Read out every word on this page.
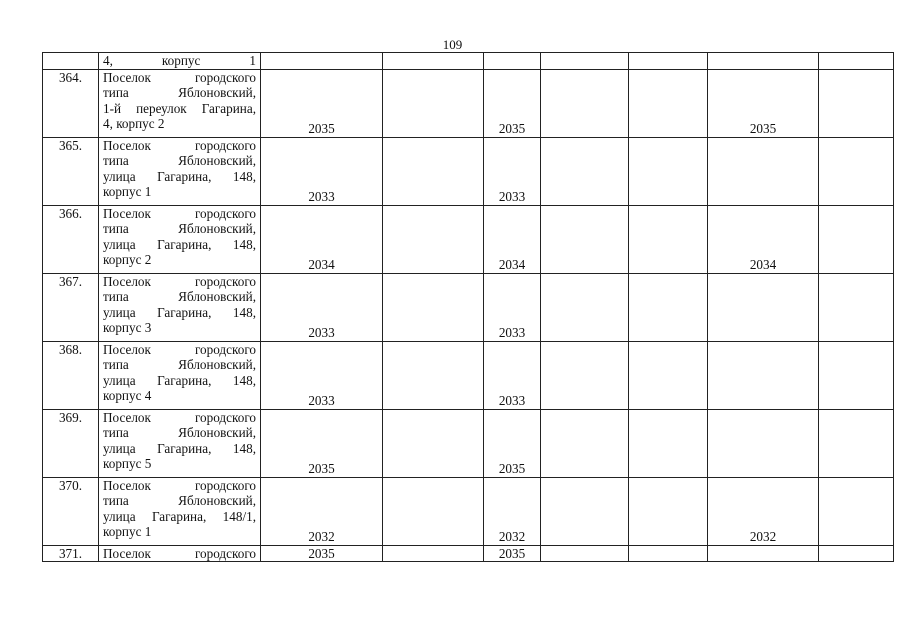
109
	4, корпус 1							
364.	Поселок городского
типа Яблоновский,
1-й переулок Гагарина,
4, корпус 2	2035		2035			2035	
365.	Поселок городского
типа Яблоновский,
улица Гагарина, 148,
корпус 1	2033		2033				
366.	Поселок городского
типа Яблоновский,
улица Гагарина, 148,
корпус 2	2034		2034			2034	
367.	Поселок городского
типа Яблоновский,
улица Гагарина, 148,
корпус 3	2033		2033				
368.	Поселок городского
типа Яблоновский,
улица Гагарина, 148,
корпус 4	2033		2033				
369.	Поселок городского
типа Яблоновский,
улица Гагарина, 148,
корпус 5	2035		2035				
370.	Поселок городского
типа Яблоновский,
улица Гагарина, 148/1,
корпус 1	2032		2032			2032	
371.	Поселок городского	2035		2035				
